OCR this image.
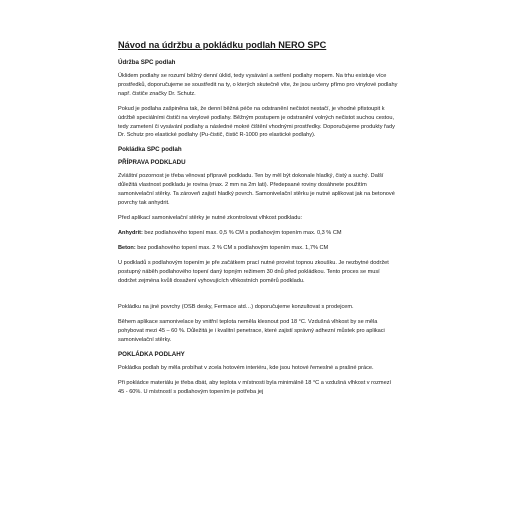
Návod na údržbu a pokládku podlah NERO SPC
Údržba SPC podlah
Úklidem podlahy se rozumí běžný denní úklid, tedy vysávání a setření podlahy mopem. Na trhu existuje více prostředků, doporučujeme se soustředit na ty, o kterých skutečně víte, že jsou určeny přímo pro vinylové podlahy např. čističe značky Dr. Schutz.
Pokud je podlaha zašpiněna tak, že denní běžná péče na odstranění nečistot nestačí, je vhodné přistoupit k údržbě speciálními čističi na vinylové podlahy. Běžným postupem je odstranění volných nečistot suchou cestou, tedy zametení či vysávání podlahy a následné mokré čištění vhodnými prostředky. Doporučujeme produkty řady Dr. Schutz pro elastické podlahy (Pu-čistič, čistič R-1000 pro elastické podlahy).
Pokládka SPC podlah
PŘÍPRAVA PODKLADU
Zvláštní pozornost je třeba věnovat přípravě podkladu. Ten by měl být dokonale hladký, čistý a suchý. Další důležitá vlastnost podkladu je rovina (max. 2 mm na 2m lati). Předepsané roviny dosáhnete použitím samonivelační stěrky. Ta zároveň zajistí hladký povrch. Samonivelační stěrku je nutné aplikovat jak na betonové povrchy tak anhydrit.
Před aplikací samonivelační stěrky je nutné zkontrolovat vlhkost podkladu:
Anhydrit: bez podlahového topení max. 0,5 % CM s podlahovým topením max. 0,3 % CM
Beton: bez podlahového topení max. 2 % CM s podlahovým topením max. 1,7% CM
U podkladů s podlahovým topením je pře začátkem prací nutné provést topnou zkoušku. Je nezbytné dodržet postupný náběh podlahového topení daný topným režimem 30 dnů před pokládkou. Tento proces se musí dodržet zejména kvůli dosažení vyhovujících vlhkostních poměrů podkladu.
Pokládku na jiné povrchy (OSB desky, Fermace atd…) doporučujeme konzultovat s prodejcem.
Během aplikace samonivelace by vnitřní teplota neměla klesnout pod 18 °C. Vzdušná vlhkost by se měla pohybovat mezi 45 – 60 %. Důležitá je i kvalitní penetrace, které zajistí správný adhezní můstek pro aplikaci samonivelační stěrky.
POKLÁDKA PODLAHY
Pokládka podlah by měla probíhat v zcela hotovém interiéru, kde jsou hotové řemeslné a prašné práce.
Při pokládce materiálu je třeba dbát, aby teplota v místnosti byla minimálně 18 °C a vzdušná vlhkost v rozmezí 45 - 60%. U místností s podlahovým topením je potřeba jej
